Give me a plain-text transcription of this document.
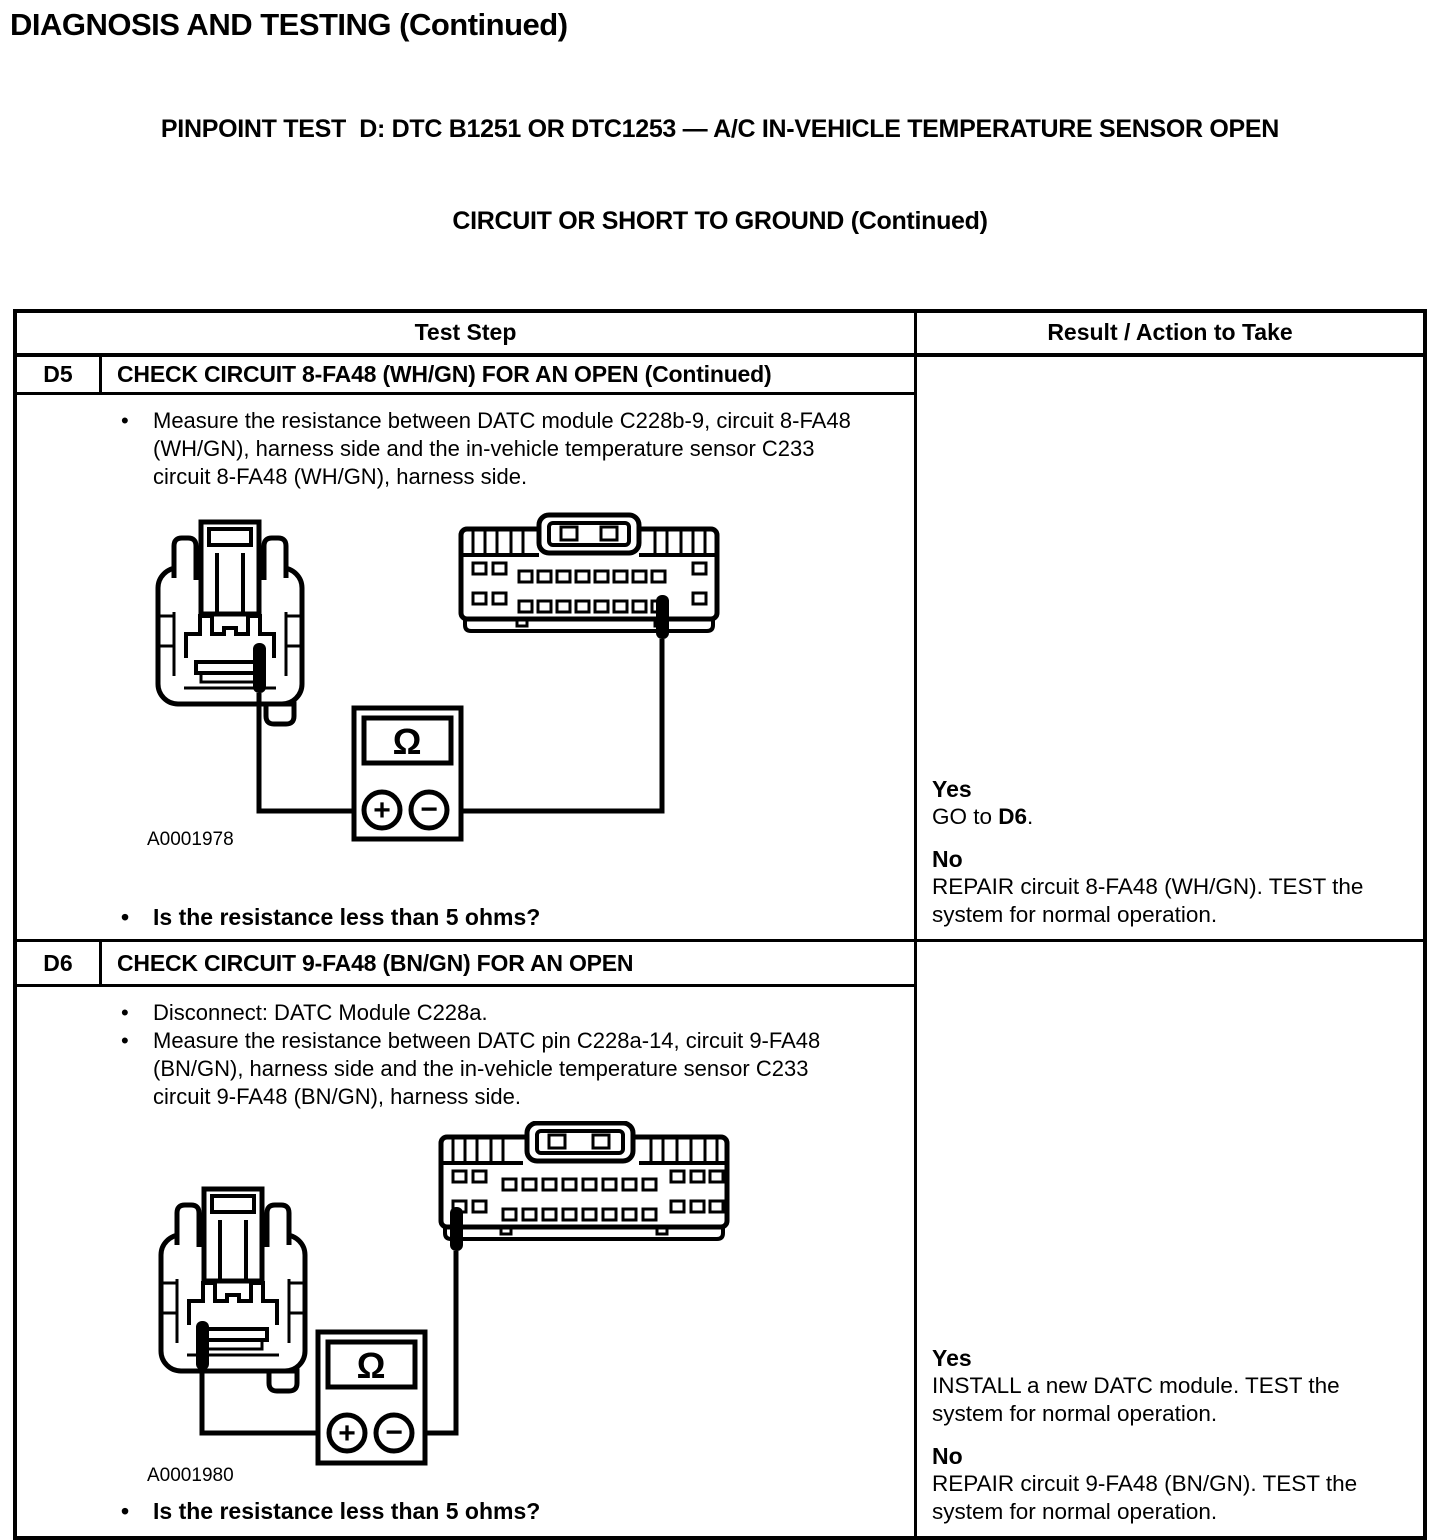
DIAGNOSIS AND TESTING (Continued)

PINPOINT TEST  D: DTC B1251 OR DTC1253 — A/C IN-VEHICLE TEMPERATURE SENSOR OPEN

CIRCUIT OR SHORT TO GROUND (Continued)

Test Step	Result / Action to Take
D5	CHECK CIRCUIT 8-FA48 (WH/GN) FOR AN OPEN (Continued)
•	Measure the resistance between DATC module C228b-9, circuit 8-FA48 (WH/GN), harness side and the in-vehicle temperature sensor C233 circuit 8-FA48 (WH/GN), harness side.
Ω
+ −
A0001978
•	Is the resistance less than 5 ohms?
Yes
GO to D6.
No
REPAIR circuit 8-FA48 (WH/GN). TEST the system for normal operation.
D6	CHECK CIRCUIT 9-FA48 (BN/GN) FOR AN OPEN
•	Disconnect: DATC Module C228a.
•	Measure the resistance between DATC pin C228a-14, circuit 9-FA48 (BN/GN), harness side and the in-vehicle temperature sensor C233 circuit 9-FA48 (BN/GN), harness side.
Ω
+ −
A0001980
•	Is the resistance less than 5 ohms?
Yes
INSTALL a new DATC module. TEST the system for normal operation.
No
REPAIR circuit 9-FA48 (BN/GN). TEST the system for normal operation.
